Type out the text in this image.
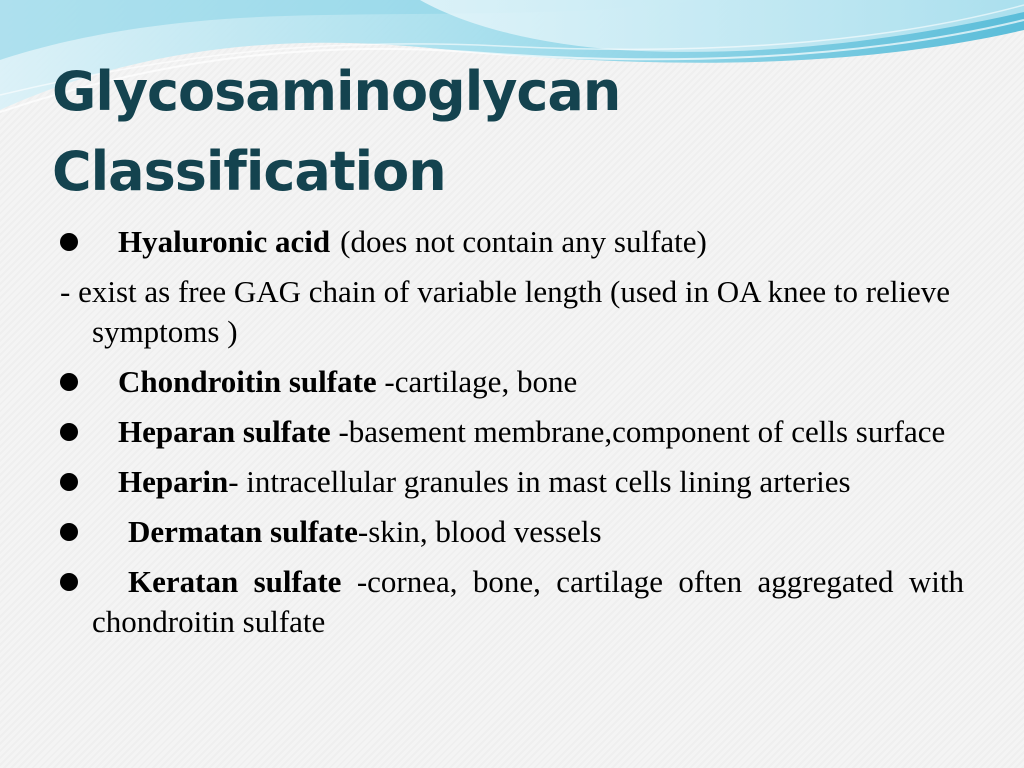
Glycosaminoglycan
Classification
Hyaluronic acid (does not contain any sulfate)
- exist as free GAG chain of variable length (used in OA knee to relieve symptoms )
Chondroitin sulfate -cartilage, bone
Heparan sulfate -basement membrane,component of cells surface
Heparin- intracellular granules in mast cells lining arteries
Dermatan sulfate-skin, blood vessels
Keratan sulfate -cornea, bone, cartilage often aggregated with chondroitin sulfate
